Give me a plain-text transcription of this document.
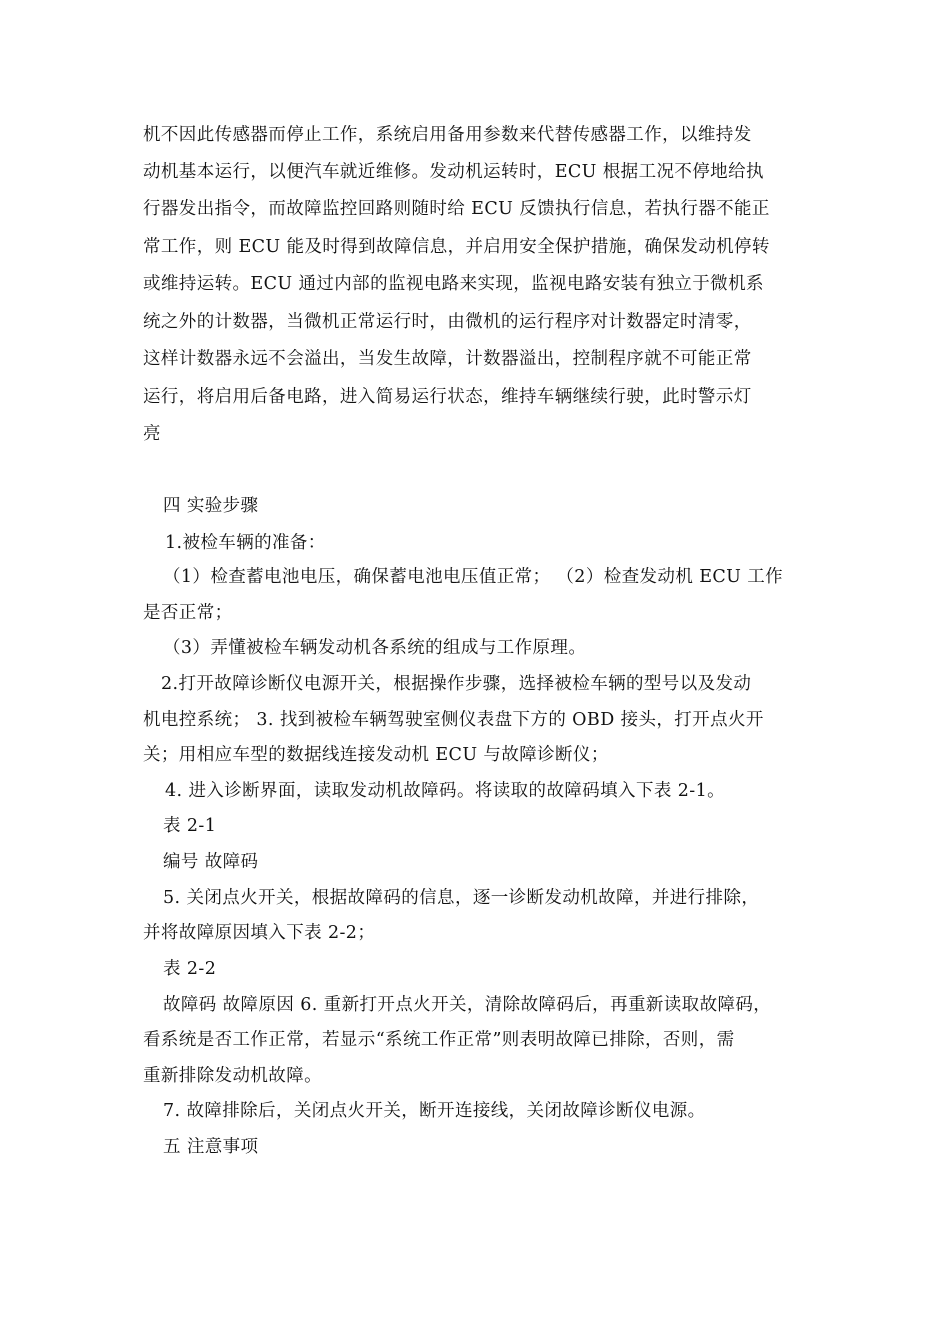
机不因此传感器而停止工作，系统启用备用参数来代替传感器工作，以维持发
动机基本运行，以便汽车就近维修。发动机运转时，ECU 根据工况不停地给执
行器发出指令，而故障监控回路则随时给 ECU 反馈执行信息，若执行器不能正
常工作，则 ECU 能及时得到故障信息，并启用安全保护措施，确保发动机停转
或维持运转。ECU 通过内部的监视电路来实现，监视电路安装有独立于微机系
统之外的计数器，当微机正常运行时，由微机的运行程序对计数器定时清零，
这样计数器永远不会溢出，当发生故障，计数器溢出，控制程序就不可能正常
运行，将启用后备电路，进入简易运行状态，维持车辆继续行驶，此时警示灯
亮
四 实验步骤
1.被检车辆的准备：
（1）检查蓄电池电压，确保蓄电池电压值正常； （2）检查发动机 ECU 工作
是否正常；
（3）弄懂被检车辆发动机各系统的组成与工作原理。
2.打开故障诊断仪电源开关，根据操作步骤，选择被检车辆的型号以及发动
机电控系统； 3. 找到被检车辆驾驶室侧仪表盘下方的 OBD 接头，打开点火开
关；用相应车型的数据线连接发动机 ECU 与故障诊断仪；
4. 进入诊断界面，读取发动机故障码。将读取的故障码填入下表 2-1。
表 2-1
编号 故障码
5. 关闭点火开关，根据故障码的信息，逐一诊断发动机故障，并进行排除，
并将故障原因填入下表 2-2；
表 2-2
故障码 故障原因 6. 重新打开点火开关，清除故障码后，再重新读取故障码，
看系统是否工作正常，若显示“系统工作正常”则表明故障已排除，否则，需
重新排除发动机故障。
7. 故障排除后，关闭点火开关，断开连接线，关闭故障诊断仪电源。
五 注意事项
